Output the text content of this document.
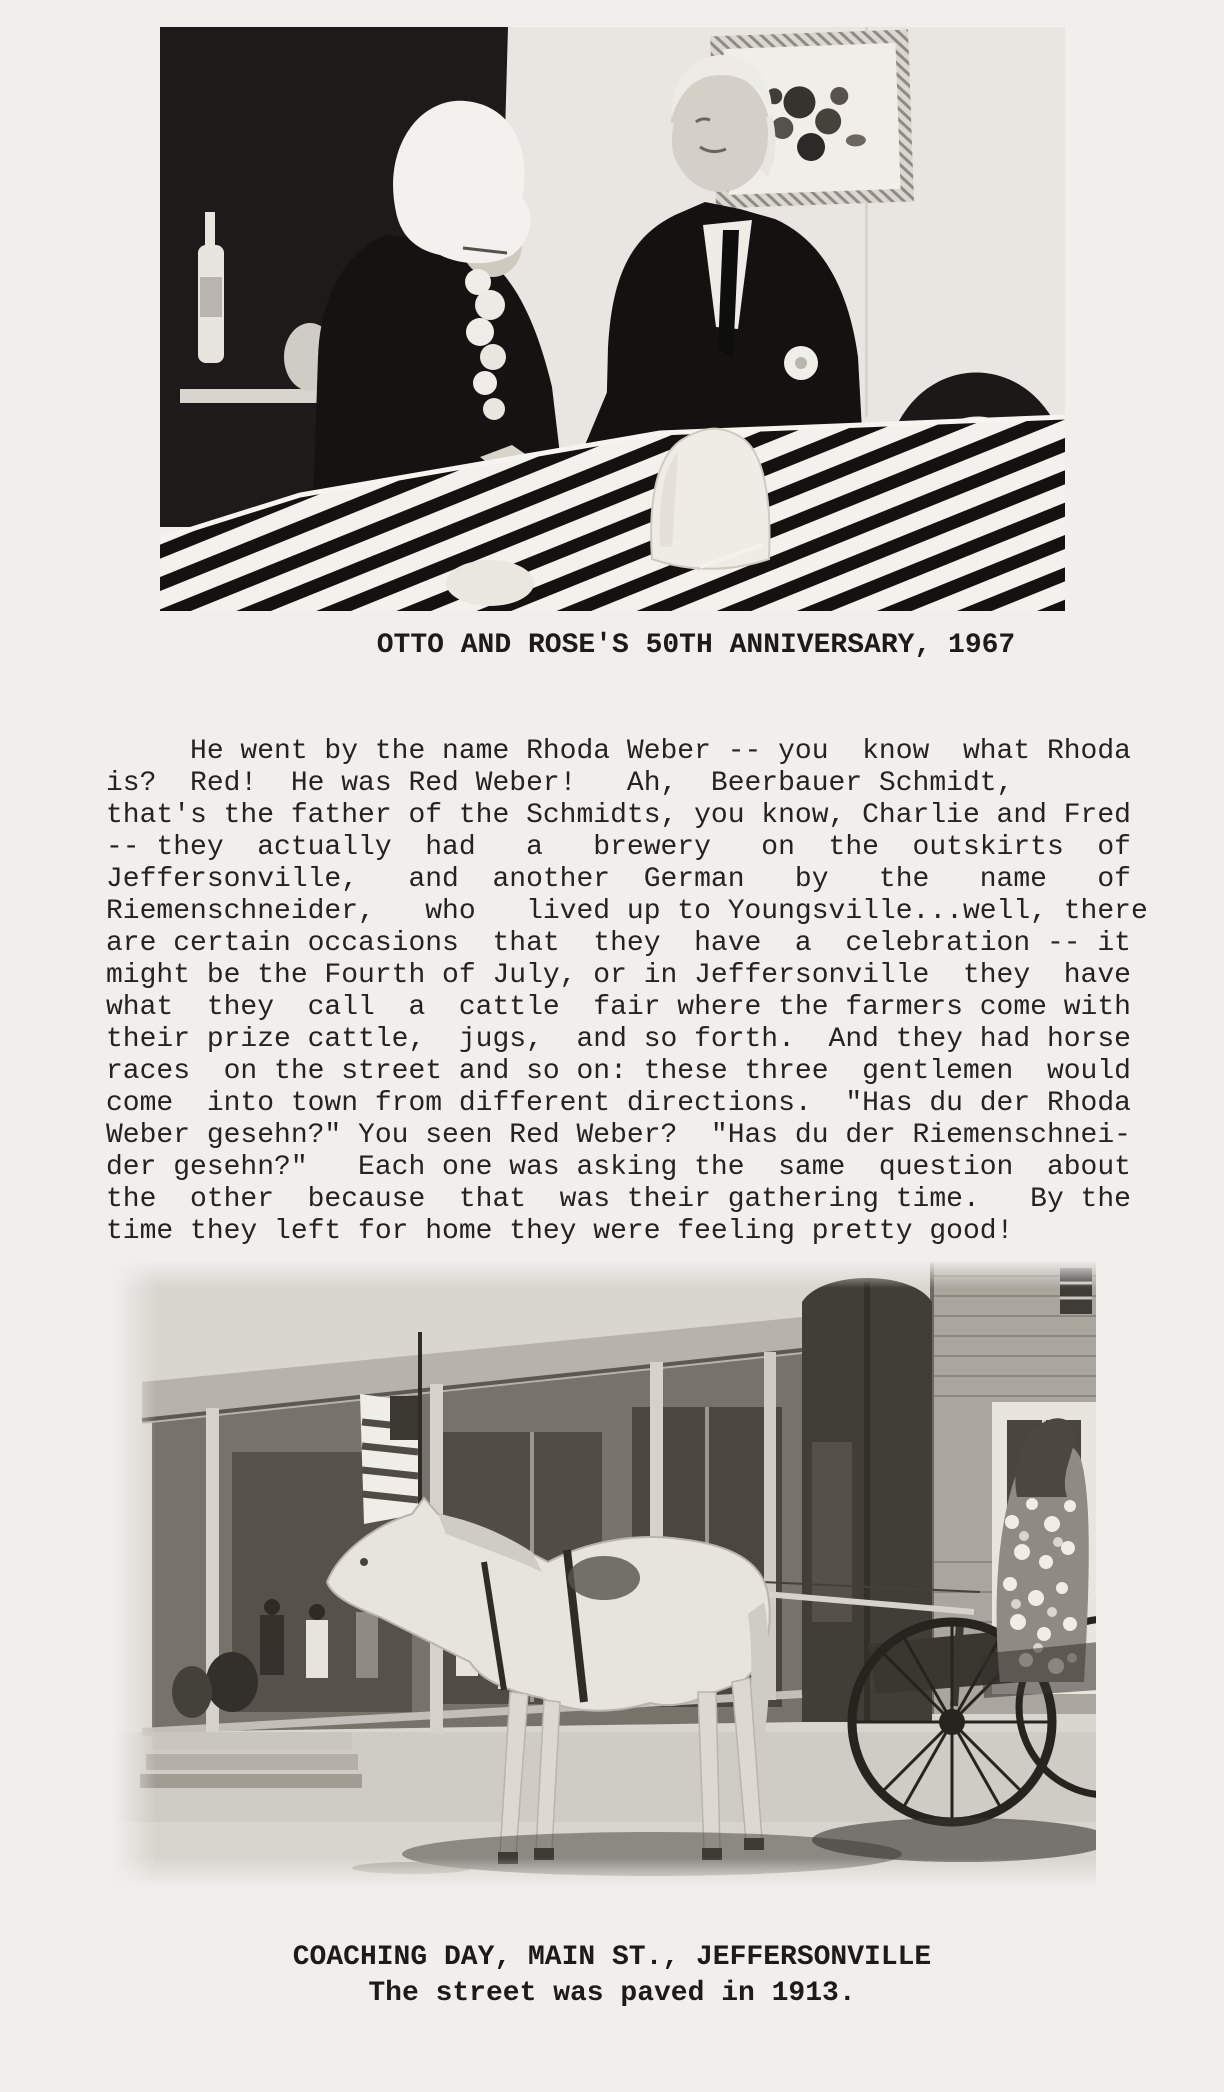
OTTO AND ROSE'S 50TH ANNIVERSARY, 1967
He went by the name Rhoda Weber -- you  know  what Rhoda
is?  Red!  He was Red Weber!   Ah,  Beerbauer Schmidt,
that's the father of the Schmidts, you know, Charlie and Fred
-- they  actually  had   a   brewery   on  the  outskirts  of
Jeffersonville,   and  another  German   by   the   name   of
Riemenschneider,   who   lived up to Youngsville...well, there
are certain occasions  that  they  have  a  celebration -- it
might be the Fourth of July, or in Jeffersonville  they  have
what  they  call  a  cattle  fair where the farmers come with
their prize cattle,  jugs,  and so forth.  And they had horse
races  on the street and so on: these three  gentlemen  would
come  into town from different directions.  "Has du der Rhoda
Weber gesehn?" You seen Red Weber?  "Has du der Riemenschnei-
der gesehn?"   Each one was asking the  same  question  about
the  other  because  that  was their gathering time.   By the
time they left for home they were feeling pretty good!
COACHING DAY, MAIN ST., JEFFERSONVILLE
The street was paved in 1913.
